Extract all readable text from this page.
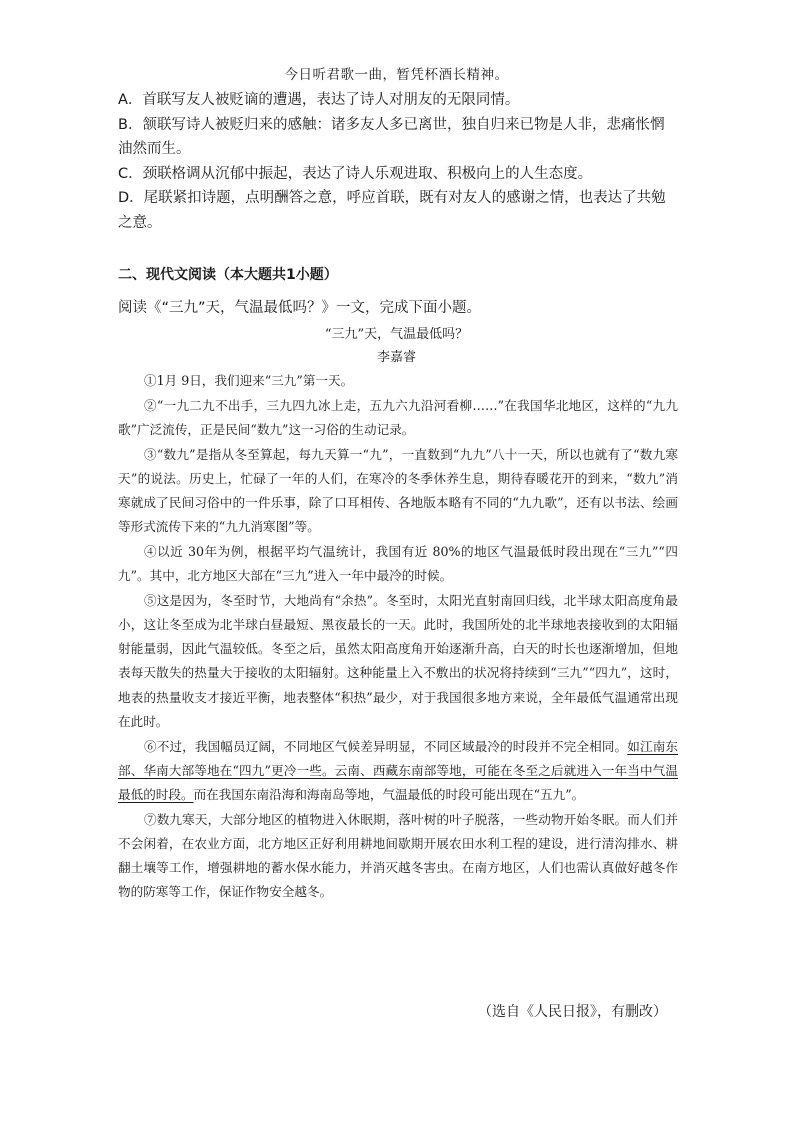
今日听君歌一曲，暂凭杯酒长精神。

A．首联写友人被贬谪的遭遇，表达了诗人对朋友的无限同情。

B．颔联写诗人被贬归来的感触：诸多友人多已离世，独自归来已物是人非，悲痛怅惘油然而生。

C．颈联格调从沉郁中振起，表达了诗人乐观进取、积极向上的人生态度。

D．尾联紧扣诗题，点明酬答之意，呼应首联，既有对友人的感谢之情，也表达了共勉之意。

二、现代文阅读（本大题共1小题）

阅读《“三九”天，气温最低吗？》一文，完成下面小题。

“三九”天，气温最低吗？

李嘉睿

①1月 9日，我们迎来“三九”第一天。

②“一九二九不出手，三九四九冰上走，五九六九沿河看柳……”在我国华北地区，这样的“九九歌”广泛流传，正是民间“数九”这一习俗的生动记录。

③“数九”是指从冬至算起，每九天算一“九”，一直数到“九九”八十一天，所以也就有了“数九寒天”的说法。历史上，忙碌了一年的人们，在寒冷的冬季休养生息，期待春暖花开的到来，“数九”消寒就成了民间习俗中的一件乐事，除了口耳相传、各地版本略有不同的“九九歌”，还有以书法、绘画等形式流传下来的“九九消寒图”等。

④以近 30年为例，根据平均气温统计，我国有近 80%的地区气温最低时段出现在“三九”“四九”。其中，北方地区大部在“三九”进入一年中最冷的时候。

⑤这是因为，冬至时节，大地尚有“余热”。冬至时，太阳光直射南回归线，北半球太阳高度角最小，这让冬至成为北半球白昼最短、黑夜最长的一天。此时，我国所处的北半球地表接收到的太阳辐射能量弱，因此气温较低。冬至之后，虽然太阳高度角开始逐渐升高，白天的时长也逐渐增加，但地表每天散失的热量大于接收的太阳辐射。这种能量上入不敷出的状况将持续到“三九”“四九”，这时，地表的热量收支才接近平衡，地表整体“积热”最少，对于我国很多地方来说，全年最低气温通常出现在此时。

⑥不过，我国幅员辽阔，不同地区气候差异明显，不同区域最冷的时段并不完全相同。如江南东部、华南大部等地在“四九”更冷一些。云南、西藏东南部等地，可能在冬至之后就进入一年当中气温最低的时段。而在我国东南沿海和海南岛等地，气温最低的时段可能出现在“五九”。

⑦数九寒天，大部分地区的植物进入休眠期，落叶树的叶子脱落，一些动物开始冬眠。而人们并不会闲着，在农业方面，北方地区正好利用耕地间歇期开展农田水利工程的建设，进行清沟排水、耕翻土壤等工作，增强耕地的蓄水保水能力，并消灭越冬害虫。在南方地区，人们也需认真做好越冬作物的防寒等工作，保证作物安全越冬。

（选自《人民日报》，有删改）
